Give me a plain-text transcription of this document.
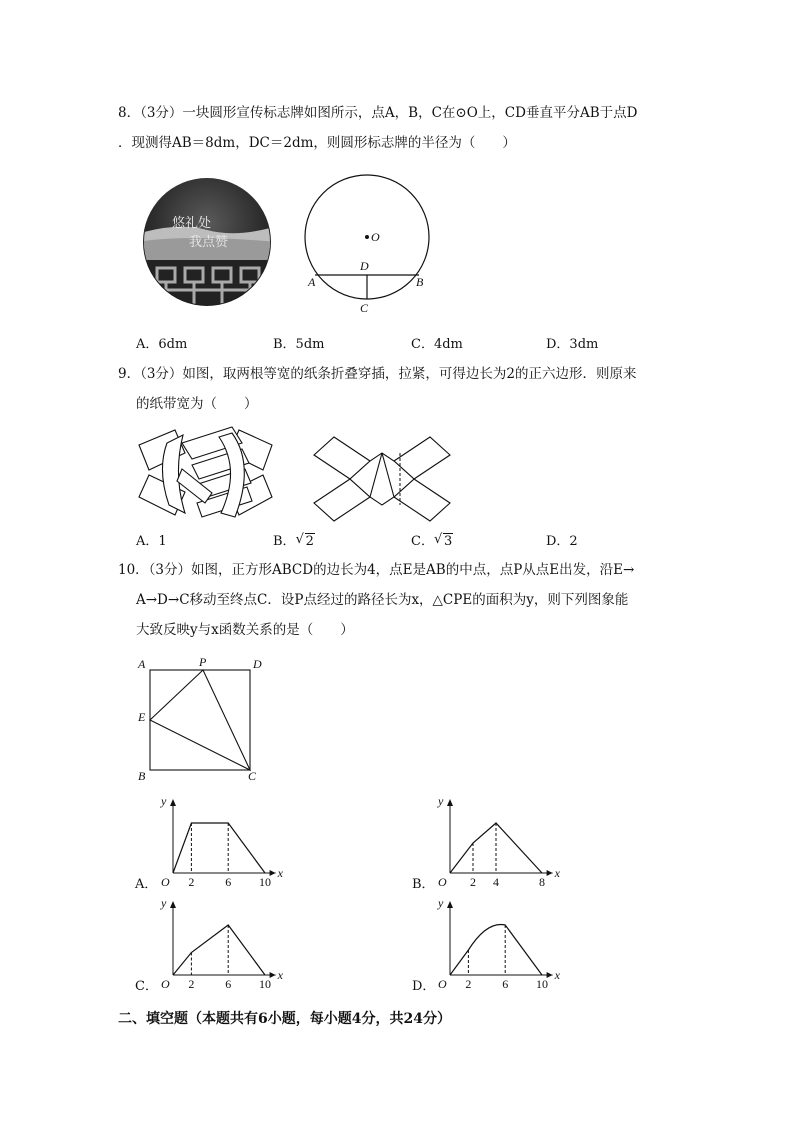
8．（3分）一块圆形宣传标志牌如图所示，点A，B，C在⊙O上，CD垂直平分AB于点D
．现测得AB＝8dm，DC＝2dm，则圆形标志牌的半径为（　　）
悠礼处
我点赞	O
D
A	B
C
A．6dm	B．5dm	C．4dm	D．3dm
9．（3分）如图，取两根等宽的纸条折叠穿插，拉紧，可得边长为2的正六边形．则原来
的纸带宽为（　　）
A．1	B． √ 2	C． √ 3	D．2
10．（3分）如图，正方形ABCD的边长为4，点E是AB的中点，点P从点E出发，沿E→
A→D→C移动至终点C．设P点经过的路径长为x，△CPE的面积为y，则下列图象能
大致反映y与x函数关系的是（　　）
A	P	D
E
B	C
A．
y
x
O 2	6 10	B．
y
x
O 2 4	8
C．
y
x
O 2	6 10	D．
y
x
O 2	6 10
二、填空题（本题共有6小题，每小题4分，共24分）
